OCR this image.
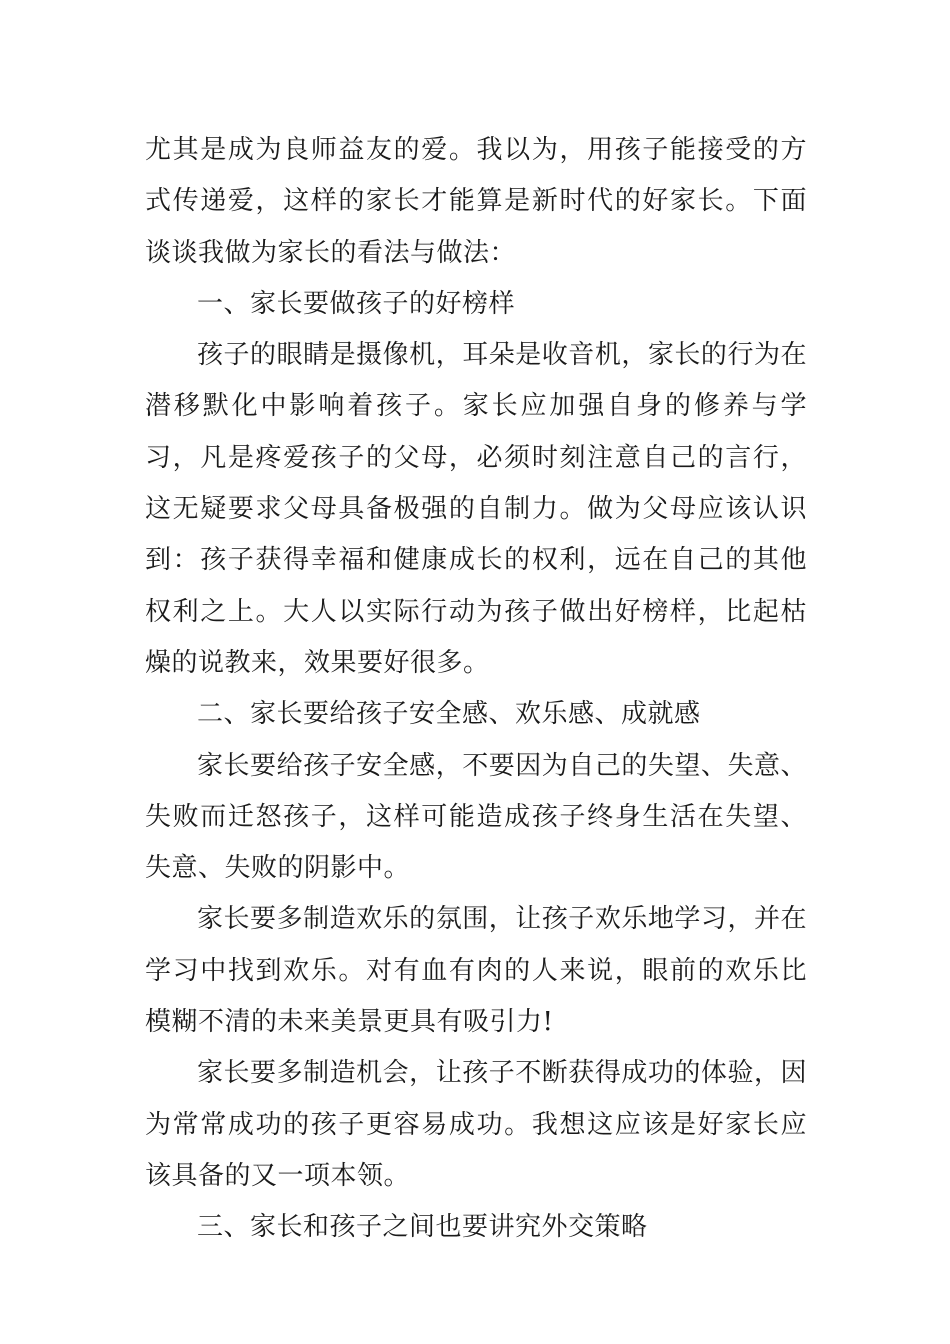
尤其是成为良师益友的爱。我以为，用孩子能接受的方式传递爱，这样的家长才能算是新时代的好家长。下面谈谈我做为家长的看法与做法：

一、家长要做孩子的好榜样

孩子的眼睛是摄像机，耳朵是收音机，家长的行为在潜移默化中影响着孩子。家长应加强自身的修养与学习，凡是疼爱孩子的父母，必须时刻注意自己的言行，这无疑要求父母具备极强的自制力。做为父母应该认识到：孩子获得幸福和健康成长的权利，远在自己的其他权利之上。大人以实际行动为孩子做出好榜样，比起枯燥的说教来，效果要好很多。

二、家长要给孩子安全感、欢乐感、成就感

家长要给孩子安全感，不要因为自己的失望、失意、失败而迁怒孩子，这样可能造成孩子终身生活在失望、失意、失败的阴影中。

家长要多制造欢乐的氛围，让孩子欢乐地学习，并在学习中找到欢乐。对有血有肉的人来说，眼前的欢乐比模糊不清的未来美景更具有吸引力!

家长要多制造机会，让孩子不断获得成功的体验，因为常常成功的孩子更容易成功。我想这应该是好家长应该具备的又一项本领。

三、家长和孩子之间也要讲究外交策略
